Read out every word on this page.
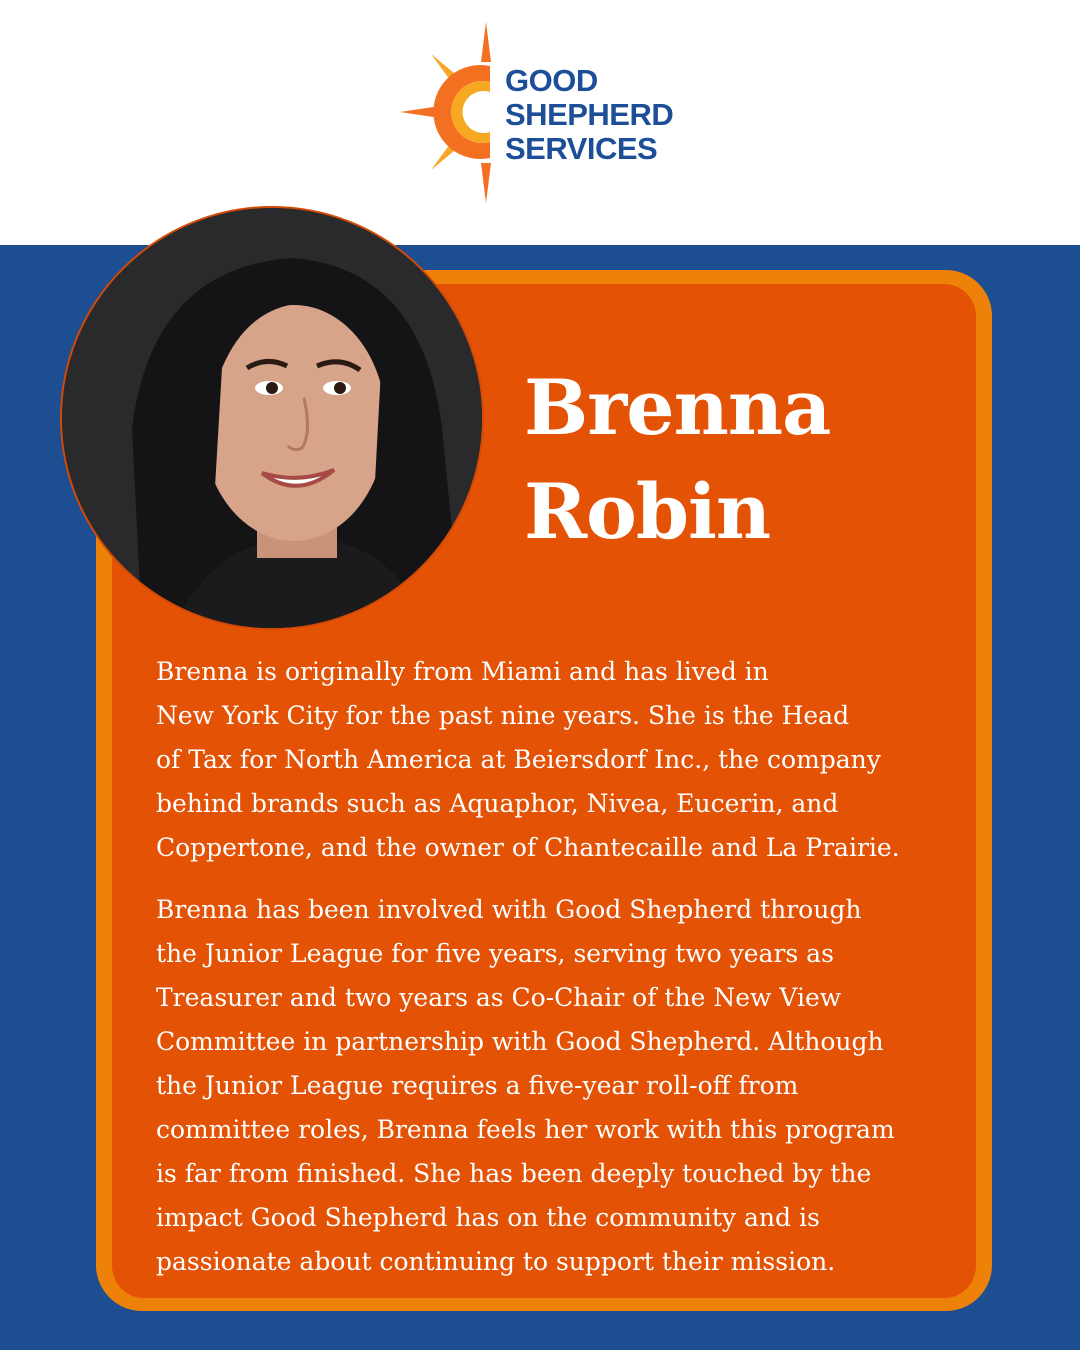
GOOD
SHEPHERD
SERVICES
Brenna
Robin

Brenna is originally from Miami and has lived in
New York City for the past nine years. She is the Head
of Tax for North America at Beiersdorf Inc., the company
behind brands such as Aquaphor, Nivea, Eucerin, and
Coppertone, and the owner of Chantecaille and La Prairie.

Brenna has been involved with Good Shepherd through
the Junior League for five years, serving two years as
Treasurer and two years as Co-Chair of the New View
Committee in partnership with Good Shepherd. Although
the Junior League requires a five-year roll-off from
committee roles, Brenna feels her work with this program
is far from finished. She has been deeply touched by the
impact Good Shepherd has on the community and is
passionate about continuing to support their mission.
